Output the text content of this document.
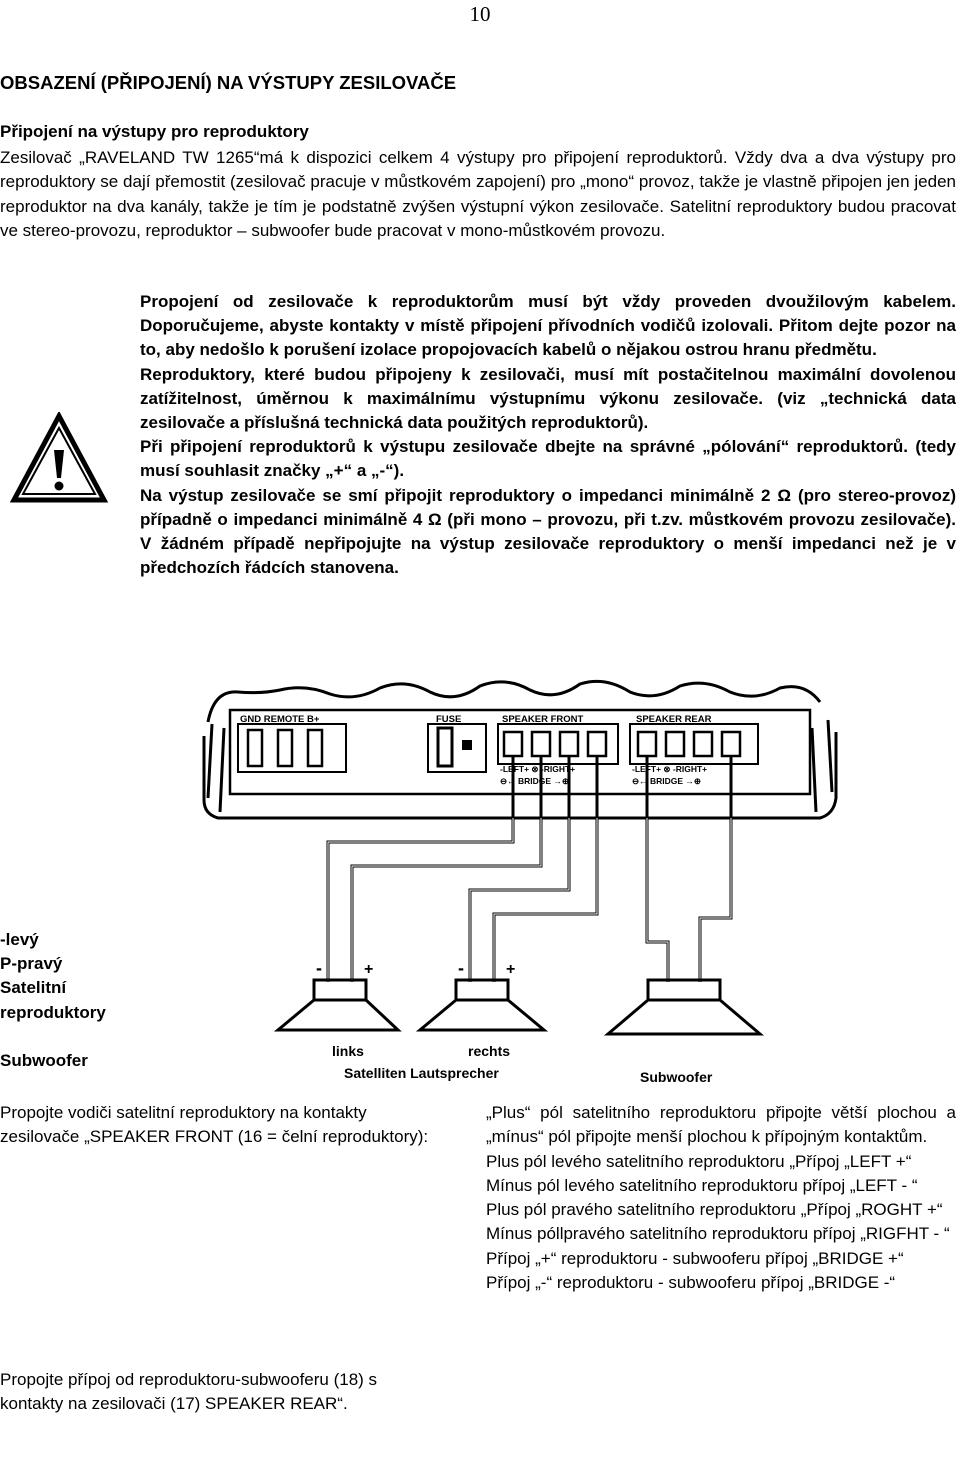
10
OBSAZENÍ (PŘIPOJENÍ) NA VÝSTUPY ZESILOVAČE
Připojení na výstupy pro reproduktory
Zesilovač „RAVELAND TW 1265“má k dispozici celkem 4 výstupy pro připojení reproduktorů. Vždy dva a dva výstupy pro reproduktory se dají přemostit (zesilovač pracuje v můstkovém zapojení) pro „mono“ provoz, takže je vlastně připojen jen jeden reproduktor na dva kanály, takže je tím je podstatně zvýšen výstupní výkon zesilovače. Satelitní reproduktory budou pracovat ve stereo-provozu, reproduktor – subwoofer bude pracovat v mono-můstkovém provozu.

Propojení od zesilovače k reproduktorům musí být vždy proveden dvoužilovým kabelem. Doporučujeme, abyste kontakty v místě připojení přívodních vodičů izolovali. Přitom dejte pozor na to, aby nedošlo k porušení izolace propojovacích kabelů o nějakou ostrou hranu předmětu.

Reproduktory, které budou připojeny k zesilovači, musí mít postačitelnou maximální dovolenou zatížitelnost, úměrnou k maximálnímu výstupnímu výkonu zesilovače. (viz „technická data zesilovače a příslušná technická data použitých reproduktorů).

Při připojení reproduktorů k výstupu zesilovače dbejte na správné „pólování“ reproduktorů. (tedy musí souhlasit značky „+“ a „-“).

Na výstup zesilovače se smí připojit reproduktory o impedanci minimálně 2 Ω (pro stereo-provoz) případně o impedanci minimálně 4 Ω (při mono – provozu, při t.zv. můstkovém provozu zesilovače). V žádném případě nepřipojujte na výstup zesilovače reproduktory o menší impedanci než je v předchozích řádcích stanovena.

GND REMOTE B+	FUSE	SPEAKER FRONT	SPEAKER REAR
-LEFT+ ⊗ -RIGHT+
⊖← BRIDGE →⊕
-LEFT+ ⊗ -RIGHT+
⊖← BRIDGE →⊕
-	+	-	+
links	rechts
Satelliten Lautsprecher	Subwoofer
-levý
P-pravý
Satelitní
reproduktory
Subwoofer
Propojte vodiči satelitní reproduktory na kontakty zesilovače „SPEAKER FRONT (16 = čelní reproduktory):
Propojte přípoj od reproduktoru-subwooferu (18) s kontakty na zesilovači (17) SPEAKER REAR“.

„Plus“ pól satelitního reproduktoru připojte větší plochou a „mínus“ pól připojte menší plochou k přípojným kontaktům.

Plus pól levého satelitního reproduktoru „Přípoj „LEFT +“

Mínus pól levého satelitního reproduktoru přípoj „LEFT - “

Plus pól pravého satelitního reproduktoru „Přípoj „ROGHT +“

Mínus póllpravého satelitního reproduktoru přípoj „RIGFHT - “

Přípoj „+“ reproduktoru - subwooferu přípoj „BRIDGE +“

Přípoj „-“ reproduktoru - subwooferu přípoj „BRIDGE -“
